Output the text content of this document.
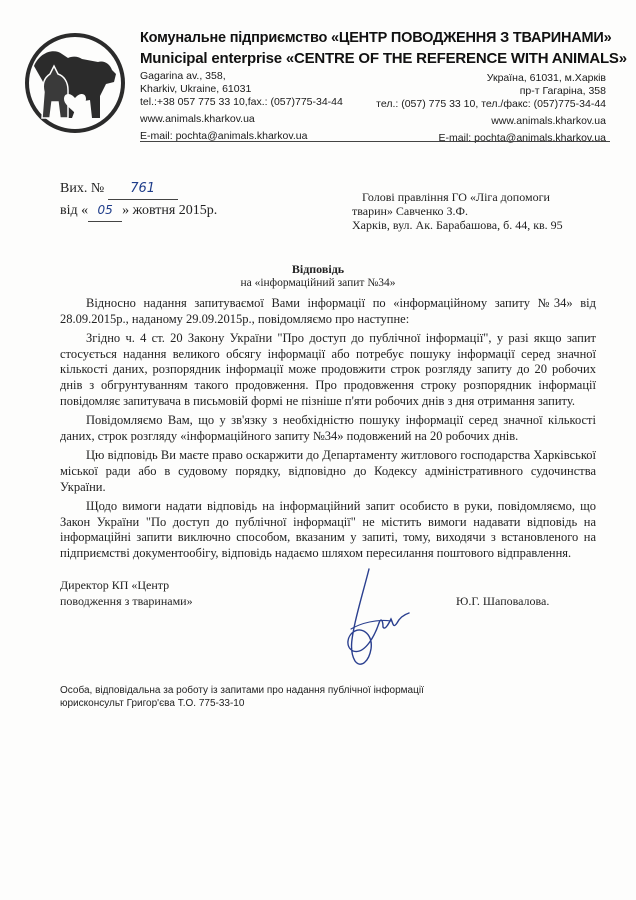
Комунальне підприємство «ЦЕНТР ПОВОДЖЕННЯ З ТВАРИНАМИ»
Municipal enterprise «CENTRE OF THE REFERENCE WITH ANIMALS»
Gagarina av., 358,
Kharkiv, Ukraine, 61031
tel.:+38 057 775 33 10,fax.: (057)775-34-44
www.animals.kharkov.ua
E-mail: pochta@animals.kharkov.ua
Україна, 61031, м.Харків
пр-т Гагаріна, 358
тел.: (057) 775 33 10, тел./факс: (057)775-34-44
www.animals.kharkov.ua
E-mail: pochta@animals.kharkov.ua
Вих. № 761
від « 05 » жовтня 2015р.
Голові правління ГО «Ліга допомоги
тварин» Савченко З.Ф.
Харків, вул. Ак. Барабашова, б. 44, кв. 95
Відповідь
на «інформаційний запит №34»

Відносно надання запитуваємої Вами інформації по «інформаційному запиту №34» від 28.09.2015р., наданому 29.09.2015р., повідомляємо про наступне:

Згідно ч. 4 ст. 20 Закону України "Про доступ до публічної інформації", у разі якщо запит стосується надання великого обсягу інформації або потребує пошуку інформації серед значної кількості даних, розпорядник інформації може продовжити строк розгляду запиту до 20 робочих днів з обгрунтуванням такого продовження. Про продовження строку розпорядник інформації повідомляє запитувача в письмовій формі не пізніше п'яти робочих днів з дня отримання запиту.

Повідомляємо Вам, що у зв'язку з необхідністю пошуку інформації серед значної кількості даних, строк розгляду «інформаційного запиту №34» подовжений на 20 робочих днів.

Цю відповідь Ви маєте право оскаржити до Департаменту житлового господарства Харківської міської ради або в судовому порядку, відповідно до Кодексу адміністративного судочинства України.

Щодо вимоги надати відповідь на інформаційний запит особисто в руки, повідомляємо, що Закон України "По доступ до публічної інформації" не містить вимоги надавати відповідь на інформаційні запити виключно способом, вказаним у запиті, тому, виходячи з встановленого на підприємстві документообігу, відповідь надаємо шляхом пересилання поштового відправлення.

Директор КП «Центр
поводження з тваринами»	Ю.Г. Шаповалова.
Особа, відповідальна за роботу із запитами про надання публічної інформації
юрисконсульт Григор'єва Т.О. 775-33-10
